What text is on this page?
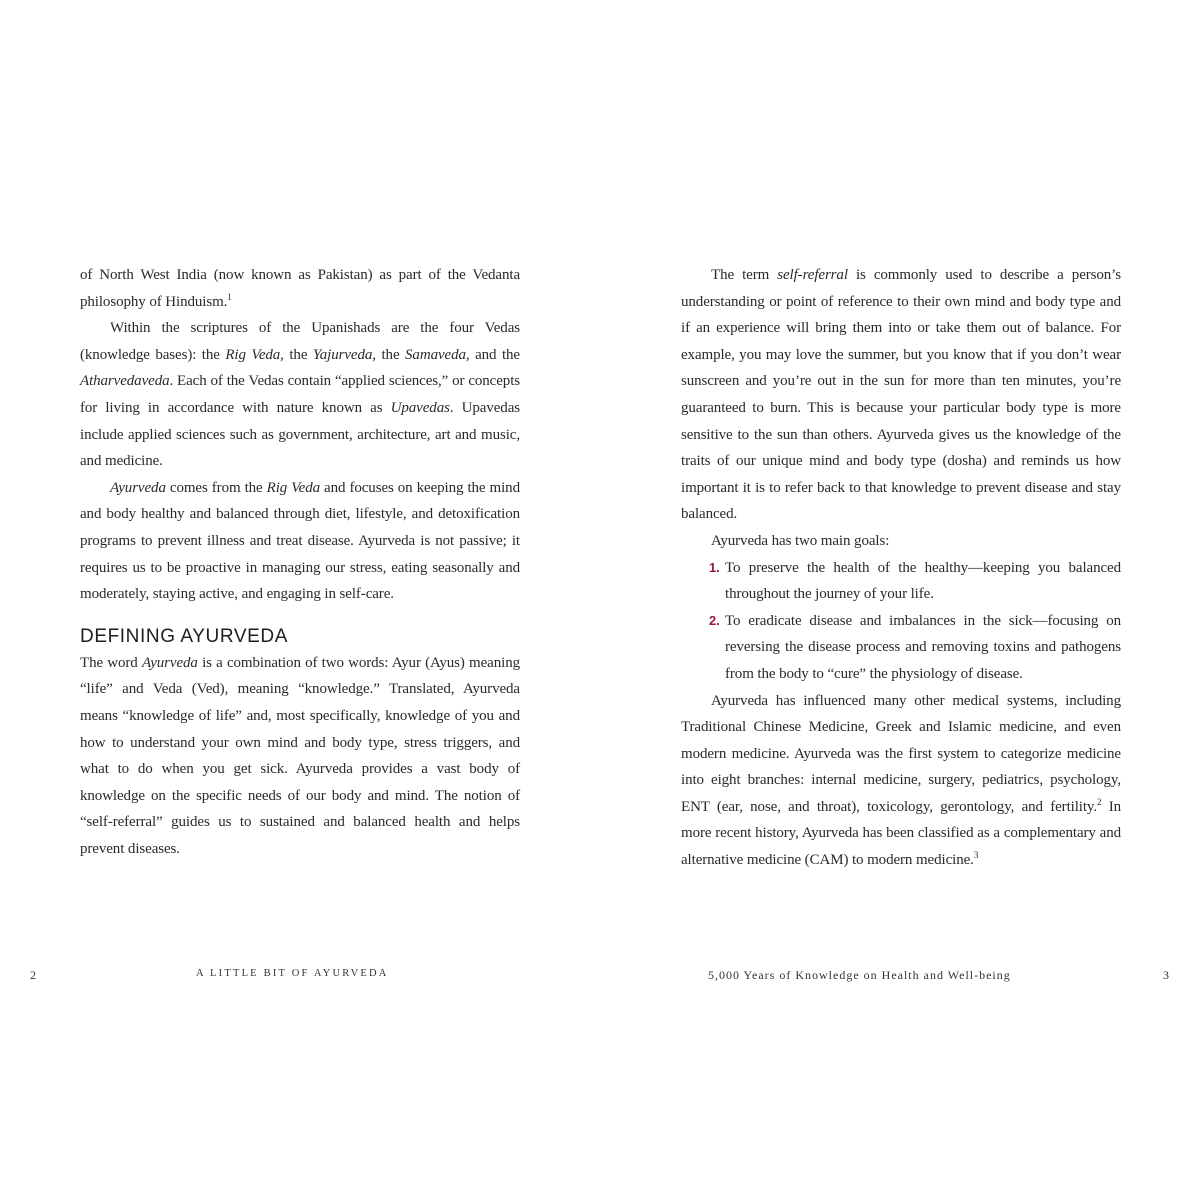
of North West India (now known as Pakistan) as part of the Vedanta philosophy of Hinduism.$^1$

Within the scriptures of the Upanishads are the four Vedas (knowledge bases): the Rig Veda, the Yajurveda, the Samaveda, and the Atharvedaveda. Each of the Vedas contain “applied sciences,” or concepts for living in accordance with nature known as Upavedas. Upavedas include applied sciences such as government, architecture, art and music, and medicine.

Ayurveda comes from the Rig Veda and focuses on keeping the mind and body healthy and balanced through diet, lifestyle, and detoxification programs to prevent illness and treat disease. Ayurveda is not passive; it requires us to be proactive in managing our stress, eating seasonally and moderately, staying active, and engaging in self-care.

DEFINING AYURVEDA

The word Ayurveda is a combination of two words: Ayur (Ayus) meaning “life” and Veda (Ved), meaning “knowledge.” Translated, Ayurveda means “knowledge of life” and, most specifically, knowledge of you and how to understand your own mind and body type, stress triggers, and what to do when you get sick. Ayurveda provides a vast body of knowledge on the specific needs of our body and mind. The notion of “self-referral” guides us to sustained and balanced health and helps prevent diseases.

The term self-referral is commonly used to describe a person’s understanding or point of reference to their own mind and body type and if an experience will bring them into or take them out of balance. For example, you may love the summer, but you know that if you don’t wear sunscreen and you’re out in the sun for more than ten minutes, you’re guaranteed to burn. This is because your particular body type is more sensitive to the sun than others. Ayurveda gives us the knowledge of the traits of our unique mind and body type (dosha) and reminds us how important it is to refer back to that knowledge to prevent disease and stay balanced.

Ayurveda has two main goals:

1. To preserve the health of the healthy—keeping you balanced throughout the journey of your life.
2. To eradicate disease and imbalances in the sick—focusing on reversing the disease process and removing toxins and pathogens from the body to “cure” the physiology of disease.

Ayurveda has influenced many other medical systems, including Traditional Chinese Medicine, Greek and Islamic medicine, and even modern medicine. Ayurveda was the first system to categorize medicine into eight branches: internal medicine, surgery, pediatrics, psychology, ENT (ear, nose, and throat), toxicology, gerontology, and fertility.$^2$ In more recent history, Ayurveda has been classified as a complementary and alternative medicine (CAM) to modern medicine.$^3$

2	A LITTLE BIT OF AYURVEDA	5,000 Years of Knowledge on Health and Well-being	3
